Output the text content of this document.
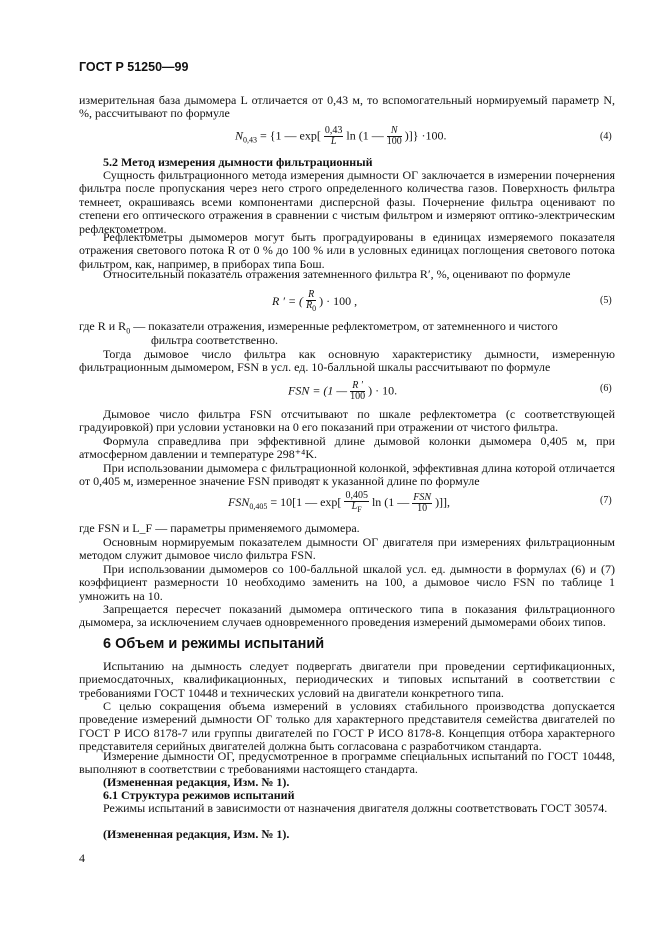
ГОСТ Р 51250—99

измерительная база дымомера L отличается от 0,43 м, то вспомогательный нормируемый параметр N, %, рассчитывают по формуле

$N_{0,43} = \{1$ — $\exp[ \frac{0,43}{L}$ ln (1 — $\frac{N}{100}$ )]} ·100.	(4)
5.2 Метод измерения дымности фильтрационный

Сущность фильтрационного метода измерения дымности ОГ заключается в измерении почернения фильтра после пропускания через него строго определенного количества газов. Поверхность фильтра темнеет, окрашиваясь всеми компонентами дисперсной фазы. Почернение фильтра оценивают по степени его оптического отражения в сравнении с чистым фильтром и измеряют оптико-электрическим рефлектометром.

Рефлектометры дымомеров могут быть проградуированы в единицах измеряемого показателя отражения светового потока R от 0 % до 100 % или в условных единицах поглощения светового потока фильтром, как, например, в приборах типа Бош.

Относительный показатель отражения затемненного фильтра R′, %, оценивают по формуле

R ′ = ( $\frac{R}{R_0}$ ) · 100 ,	(5)
где R и $R_0$ — показатели отражения, измеренные рефлектометром, от затемненного и чистого
фильтра соответственно.

Тогда дымовое число фильтра как основную характеристику дымности, измеренную фильтрационным дымомером, FSN в усл. ед. 10-балльной шкалы рассчитывают по формуле

FSN = (1 — $\frac{R '}{100}$ ) · 10.	(6)

Дымовое число фильтра FSN отсчитывают по шкале рефлектометра (с соответствующей градуировкой) при условии установки на 0 его показаний при отражении от чистого фильтра.

Формула справедлива при эффективной длине дымовой колонки дымомера 0,405 м, при атмосферном давлении и температуре 298⁺⁴K.

При использовании дымомера с фильтрационной колонкой, эффективная длина которой отличается от 0,405 м, измеренное значение FSN приводят к указанной длине по формуле

$FSN_{0,405} = 10[1$ — $\exp[ \frac{0,405}{L_F}$ ln (1 — $\frac{\text{FSN}}{10}$ )]],	(7)

где FSN и L_F — параметры применяемого дымомера.

Основным нормируемым показателем дымности ОГ двигателя при измерениях фильтрационным методом служит дымовое число фильтра FSN.

При использовании дымомеров со 100-балльной шкалой усл. ед. дымности в формулах (6) и (7) коэффициент размерности 10 необходимо заменить на 100, а дымовое число FSN по таблице 1 умножить на 10.

Запрещается пересчет показаний дымомера оптического типа в показания фильтрационного дымомера, за исключением случаев одновременного проведения измерений дымомерами обоих типов.

6 Объем и режимы испытаний

Испытанию на дымность следует подвергать двигатели при проведении сертификационных, приемосдаточных, квалификационных, периодических и типовых испытаний в соответствии с требованиями ГОСТ 10448 и технических условий на двигатели конкретного типа.

С целью сокращения объема измерений в условиях стабильного производства допускается проведение измерений дымности ОГ только для характерного представителя семейства двигателей по ГОСТ Р ИСО 8178-7 или группы двигателей по ГОСТ Р ИСО 8178-8. Концепция отбора характерного представителя серийных двигателей должна быть согласована с разработчиком стандарта.

Измерение дымности ОГ, предусмотренное в программе специальных испытаний по ГОСТ 10448, выполняют в соответствии с требованиями настоящего стандарта.

(Измененная редакция, Изм. № 1).
6.1 Структура режимов испытаний

Режимы испытаний в зависимости от назначения двигателя должны соответствовать ГОСТ 30574.

(Измененная редакция, Изм. № 1).
4
